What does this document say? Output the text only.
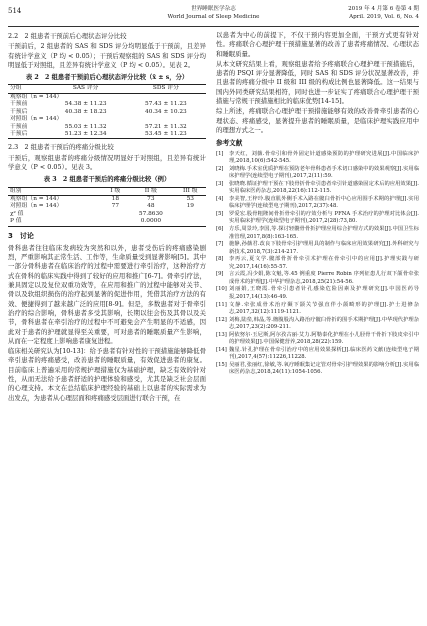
514	世界睡眠医学杂志
World Journal of Sleep Medicine
2019 年 4 月第 6 卷第 4 期
April. 2019, Vol. 6, No. 4

2.2　2 组患者干预前后心理状态评分比较

干预前后，2 组患者的 SAS 和 SDS 评分均明显低于干预前，且差异有统计学意义（P 均 < 0.05）；干预后观察组的 SAS 和 SDS 评分均明显低于对照组，且差异有统计学意义（P 均 < 0.05）。见表 2。

表 2　2 组患者干预前后心理状态评分比较（x̄ ± s，分）
分组	SAS 评分	SDS 评分
观察组（n = 144）		
干预前	54.38 ± 11.23	57.43 ± 11.23
干预后	40.38 ± 18.23	40.34 ± 10.23
对照组（n = 144）		
干预前	55.03 ± 11.32	57.21 ± 11.32
干预后	51.23 ± 12.34	53.45 ± 11.23

2.3　2 组患者干预后的疼痛分级比较

干预后，观察组患者的疼痛分级情况明显好于对照组，且差异有统计学意义（P < 0.05）。见表 3。

表 3　2 组患者干预后的疼痛分级比较（例）
组别	I 级	II 级	III 级
观察组（n = 144）	18	73	53
对照组（n = 144）	77	48	19
χ² 值		57.8630	
P 值		0.0000	
3　讨论

骨科患者往往临床发病较为突然和以外，患者受伤后的疼痛感染剧烈，严重影响其正常生活、工作等，生命质量受到显著影响[5]。其中一部分骨科患者在临床治疗的过程中需要进行牵引治疗，这种治疗方式在骨科的临床实践中得到了较好的应用和推广[6-7]。骨牵引疗法，兼具固定以及复位双重功效等，在应用和推广的过程中能够对关节、骨以及软组织损伤的治疗起到显著的促进作用，凭借其治疗方法的有效、便捷得到了越来越广泛的应用[8-9]。但是，多数患者对于骨牵引治疗的综合影响，骨科患者多受其影响，长期以往会伤及其骨以及关节，骨科患者在牵引治疗的过程中不可避免会产生明显的不适感，因此对于患者的护理就显得至关重要，可对患者的睡眠质量产生影响，从而在一定程度上影响患者康复进程。

临床相关研究认为[10-13]：给予患者有针对性的干预措施能够降低骨牵引患者的疼痛感受，改善患者的睡眠质量，有效促进患者的康复。目前临床上普遍采用的常规护理措施仅为基础护理，缺乏有效的针对性，从而无法给予患者舒适的护理体验和感受，尤其是缺乏社会层面的心理支持。本文在总结临床护理经验的基础上以患者的实际需求为出发点，为患者从心理层面和疼痛感受层面进行联合干预，在

以患者为中心的前提下，不仅干预内容更加全面，干预方式更有针对性。疼痛联合心理护理干预措施显著的改善了患者疼痛情况、心理状态和睡眠质量。

从本文研究结果上看，观察组患者给予疼痛联合心理护理干预措施后，患者的 PSQI 评分显著降低，同时 SAS 和 SDS 评分状况显著改善，并且患者的疼痛分级中 II 级和 III 级的构成比例也显著降低。这一结果与国内外同类研究结果相符，同时也进一步证实了疼痛联合心理护理干预措施与常规干预措施相比的临床优势[14-15]。

综上所述，疼痛联合心理护理干预措施能够有效的改善骨牵引患者的心理状态、疼痛感受，显著提升患者的睡眠质量，是临床护理实践应用中的理想方式之一。

参考文献
[1]	李天红，刘薇.骨牵引和骨外固定针道感染预防的护理研究进展[J].中国临床护理,2018,10(6):542-545.
[2]	刘晓梅.手术室优质护理在预防老年骨科患者手术切口感染中的效果观察[J].实用临床护理学(连续型电子期刊),2017,2(11):59.
[3]	张晓晓.循证护理干预在下肢骨折骨牵引患者牵引针道感染固定术后的应用效果[J].实用临床医药杂志,2018,22(16):112-115.
[4]	李美智,王梓玲.腹直肌外侧手术入路在髋臼骨折中心应用围手术期的护理[J].实用临床护理学(连续型电子期刊),2017,2(37):48.
[5]	罗爱宏.股骨粗隆间骨折骨牵引的疗效分析与 PFNA 手术治疗的护理对比体会[J].实用临床护理学(连续型电子期刊),2017,2(28):73,80.
[6]	方乐,周景玲,李国,等.探讨轻髓骨骨折护理应用综合护理方式的效果[J].中国卫生标准管理,2017,8(8):163-165.
[7]	施静,孙薇君.改良下肢骨牵引护理用具的制作与临床应用效果研究[J].外科研究与新技术,2018,7(3):214-217.
[8]	李再云,夏文学.髋部骨折骨牵引术护理在骨牵引中的应用[J].护理实践与研究,2017,14(16):55-57.
[9]	言云霞,冯少娟,陈文魁,等.45 例重度 Pierre Robin 序列征患儿行双下颌骨牵张成骨术的护理[J].中华护理杂志,2018,25(21):54-56.
[10] 刘丽娟,王晓霞.骨牵引患者针孔感染危险因素及护理研究[J].中国医药导报,2017,14(13):46-49.
[11] 文静.牵张成骨术治疗颞下颌关节强直伴小颌畸形的护理[J].护士进修杂志,2017,32(12):1119-1121.
[12] 刘梅,陆垒,韩晶,等.髂腹股沟入路治疗髋臼骨折的围手术期护理[J].中华现代护理杂志,2017,23(2):209-211.
[13] 阿依努尔·玉尼斯,阿尔孜古丽·艾力.阿勒泰化护理在小儿胫骨干骨折下肢皮牵引中的护理效果[J].中国保健营养,2018,28(22):159.
[14] 魏星.针孔护理在骨牵引治疗中的应用效果探析[J].临床医药文献(连续型电子期刊),2017,4(57):11226,11228.
[15] 吴丽君,张丽红,徐敏,等.氧疗睡眠集记定管对骨牵引护理效果的影响分析[J].实用临床医药杂志,2018,24(11):1054-1056.
